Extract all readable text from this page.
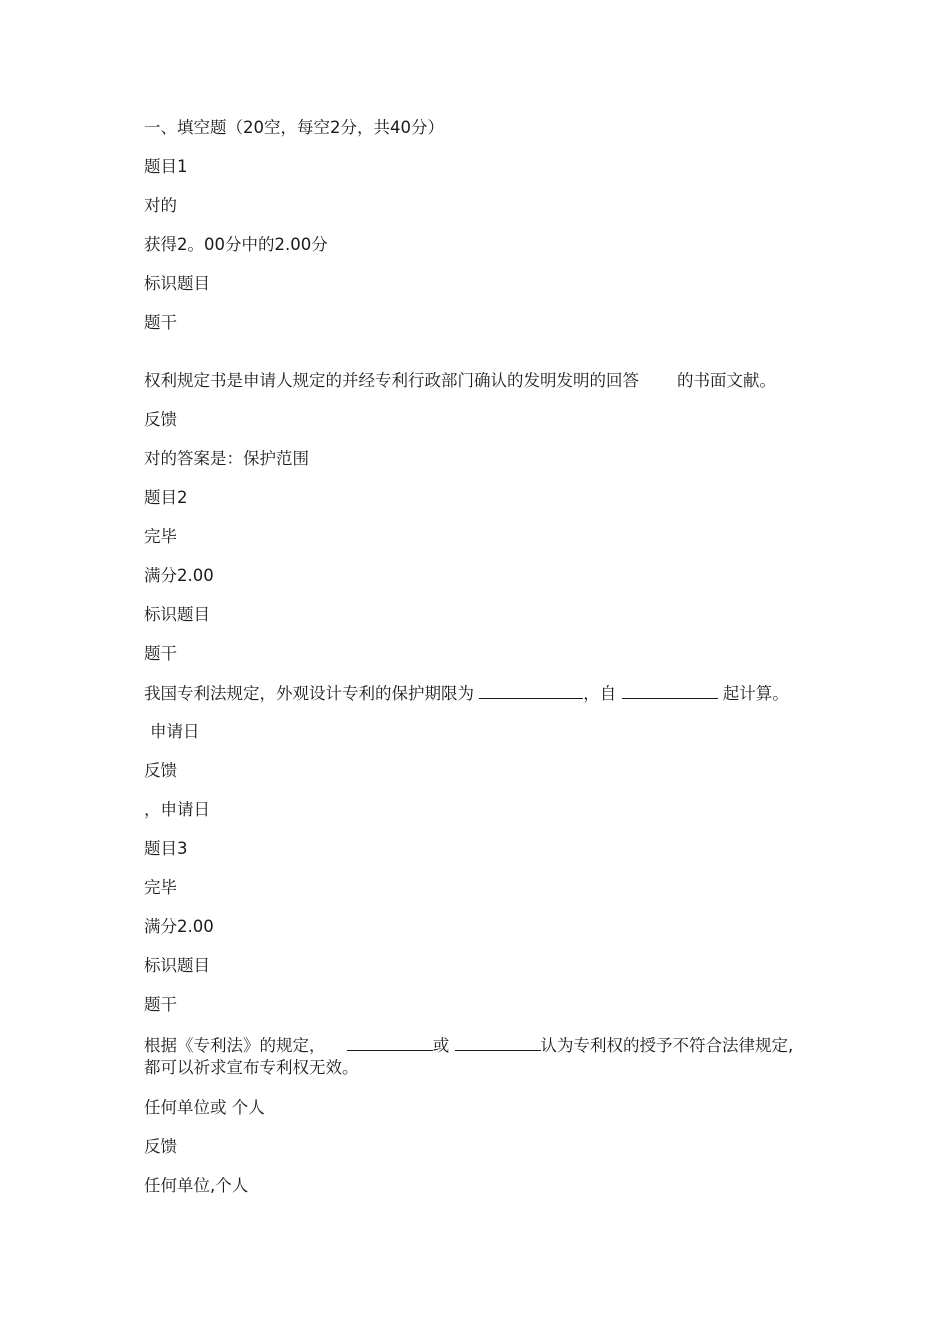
一、填空题（20空，每空2分，共40分）
题目1
对的
获得2。00分中的2.00分
标识题目
题干
权利规定书是申请人规定的并经专利行政部门确认的发明发明的回答 的书面文献。
反馈
对的答案是：保护范围
题目2
完毕
满分2.00
标识题目
题干
我国专利法规定，外观设计专利的保护期限为	，自	起计算。
申请日
反馈
，申请日
题目3
完毕
满分2.00
标识题目
题干
根据《专利法》的规定，	或	认为专利权的授予不符合法律规定,都可以祈求宣布专利权无效。
任何单位或 个人
反馈
任何单位,个人
